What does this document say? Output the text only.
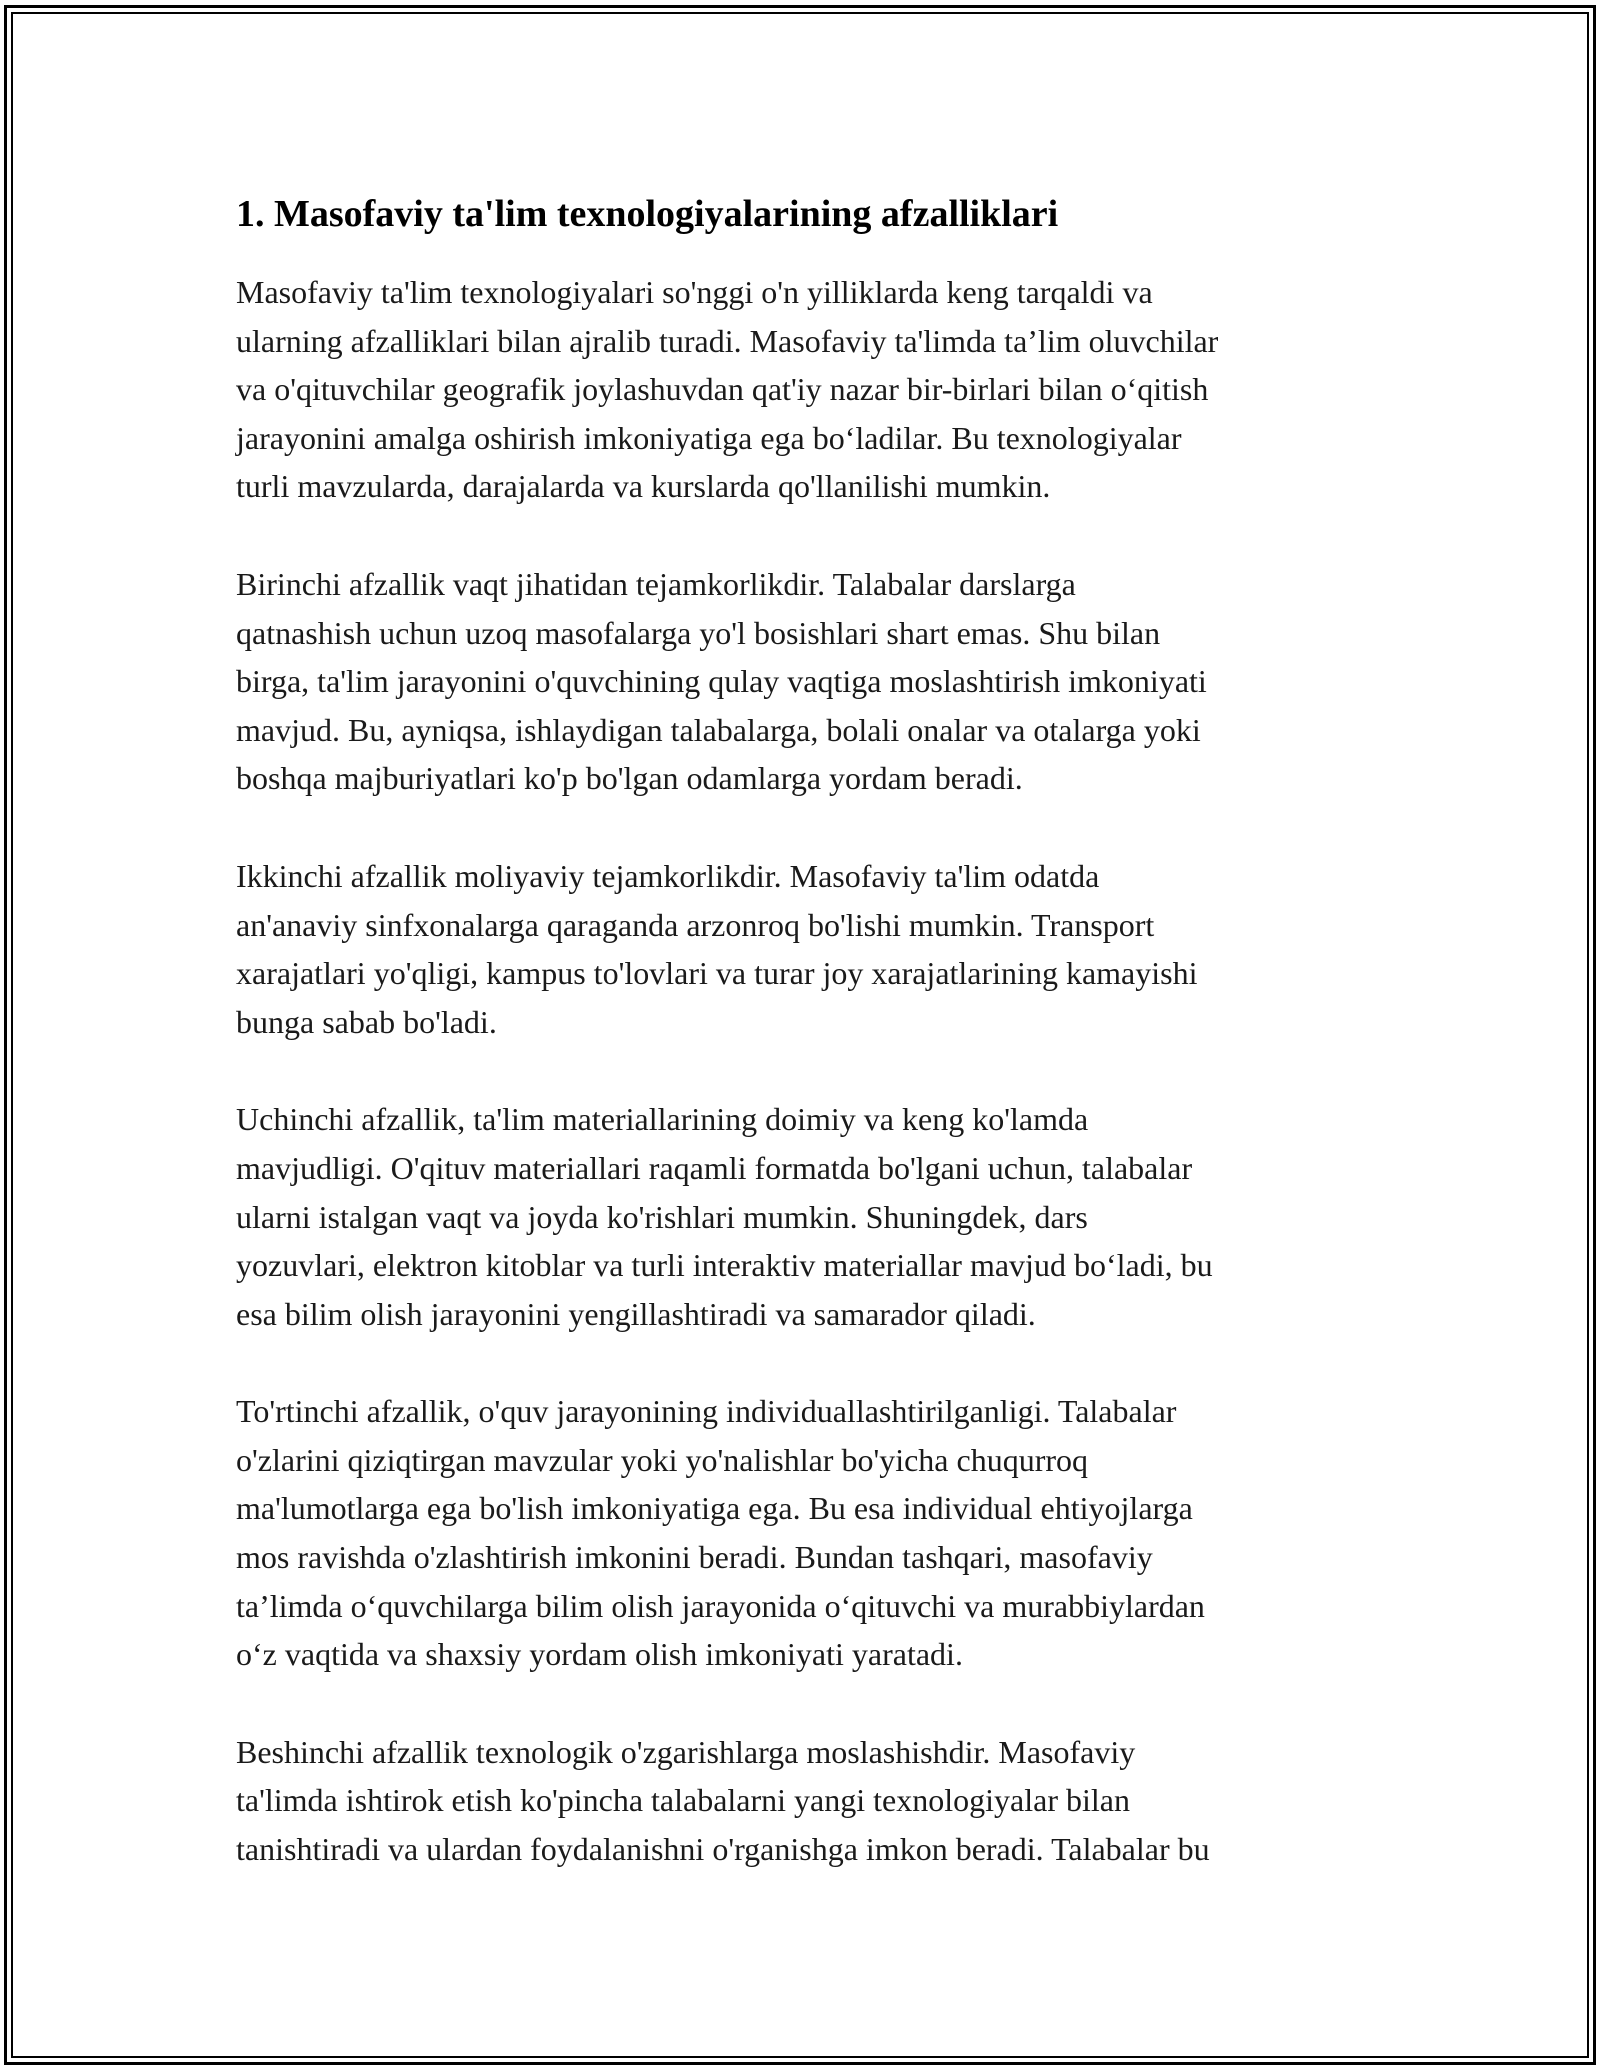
1. Masofaviy ta'lim texnologiyalarining afzalliklari

Masofaviy ta'lim texnologiyalari so'nggi o'n yilliklarda keng tarqaldi va
ularning afzalliklari bilan ajralib turadi. Masofaviy ta'limda ta’lim oluvchilar
va o'qituvchilar geografik joylashuvdan qat'iy nazar bir-birlari bilan o‘qitish
jarayonini amalga oshirish imkoniyatiga ega bo‘ladilar. Bu texnologiyalar
turli mavzularda, darajalarda va kurslarda qo'llanilishi mumkin.

Birinchi afzallik vaqt jihatidan tejamkorlikdir. Talabalar darslarga
qatnashish uchun uzoq masofalarga yo'l bosishlari shart emas. Shu bilan
birga, ta'lim jarayonini o'quvchining qulay vaqtiga moslashtirish imkoniyati
mavjud. Bu, ayniqsa, ishlaydigan talabalarga, bolali onalar va otalarga yoki
boshqa majburiyatlari ko'p bo'lgan odamlarga yordam beradi.

Ikkinchi afzallik moliyaviy tejamkorlikdir. Masofaviy ta'lim odatda
an'anaviy sinfxonalarga qaraganda arzonroq bo'lishi mumkin. Transport
xarajatlari yo'qligi, kampus to'lovlari va turar joy xarajatlarining kamayishi
bunga sabab bo'ladi.

Uchinchi afzallik, ta'lim materiallarining doimiy va keng ko'lamda
mavjudligi. O'qituv materiallari raqamli formatda bo'lgani uchun, talabalar
ularni istalgan vaqt va joyda ko'rishlari mumkin. Shuningdek, dars
yozuvlari, elektron kitoblar va turli interaktiv materiallar mavjud bo‘ladi, bu
esa bilim olish jarayonini yengillashtiradi va samarador qiladi.

To'rtinchi afzallik, o'quv jarayonining individuallashtirilganligi. Talabalar
o'zlarini qiziqtirgan mavzular yoki yo'nalishlar bo'yicha chuqurroq
ma'lumotlarga ega bo'lish imkoniyatiga ega. Bu esa individual ehtiyojlarga
mos ravishda o'zlashtirish imkonini beradi. Bundan tashqari, masofaviy
ta’limda o‘quvchilarga bilim olish jarayonida o‘qituvchi va murabbiylardan
o‘z vaqtida va shaxsiy yordam olish imkoniyati yaratadi.

Beshinchi afzallik texnologik o'zgarishlarga moslashishdir. Masofaviy
ta'limda ishtirok etish ko'pincha talabalarni yangi texnologiyalar bilan
tanishtiradi va ulardan foydalanishni o'rganishga imkon beradi. Talabalar bu
